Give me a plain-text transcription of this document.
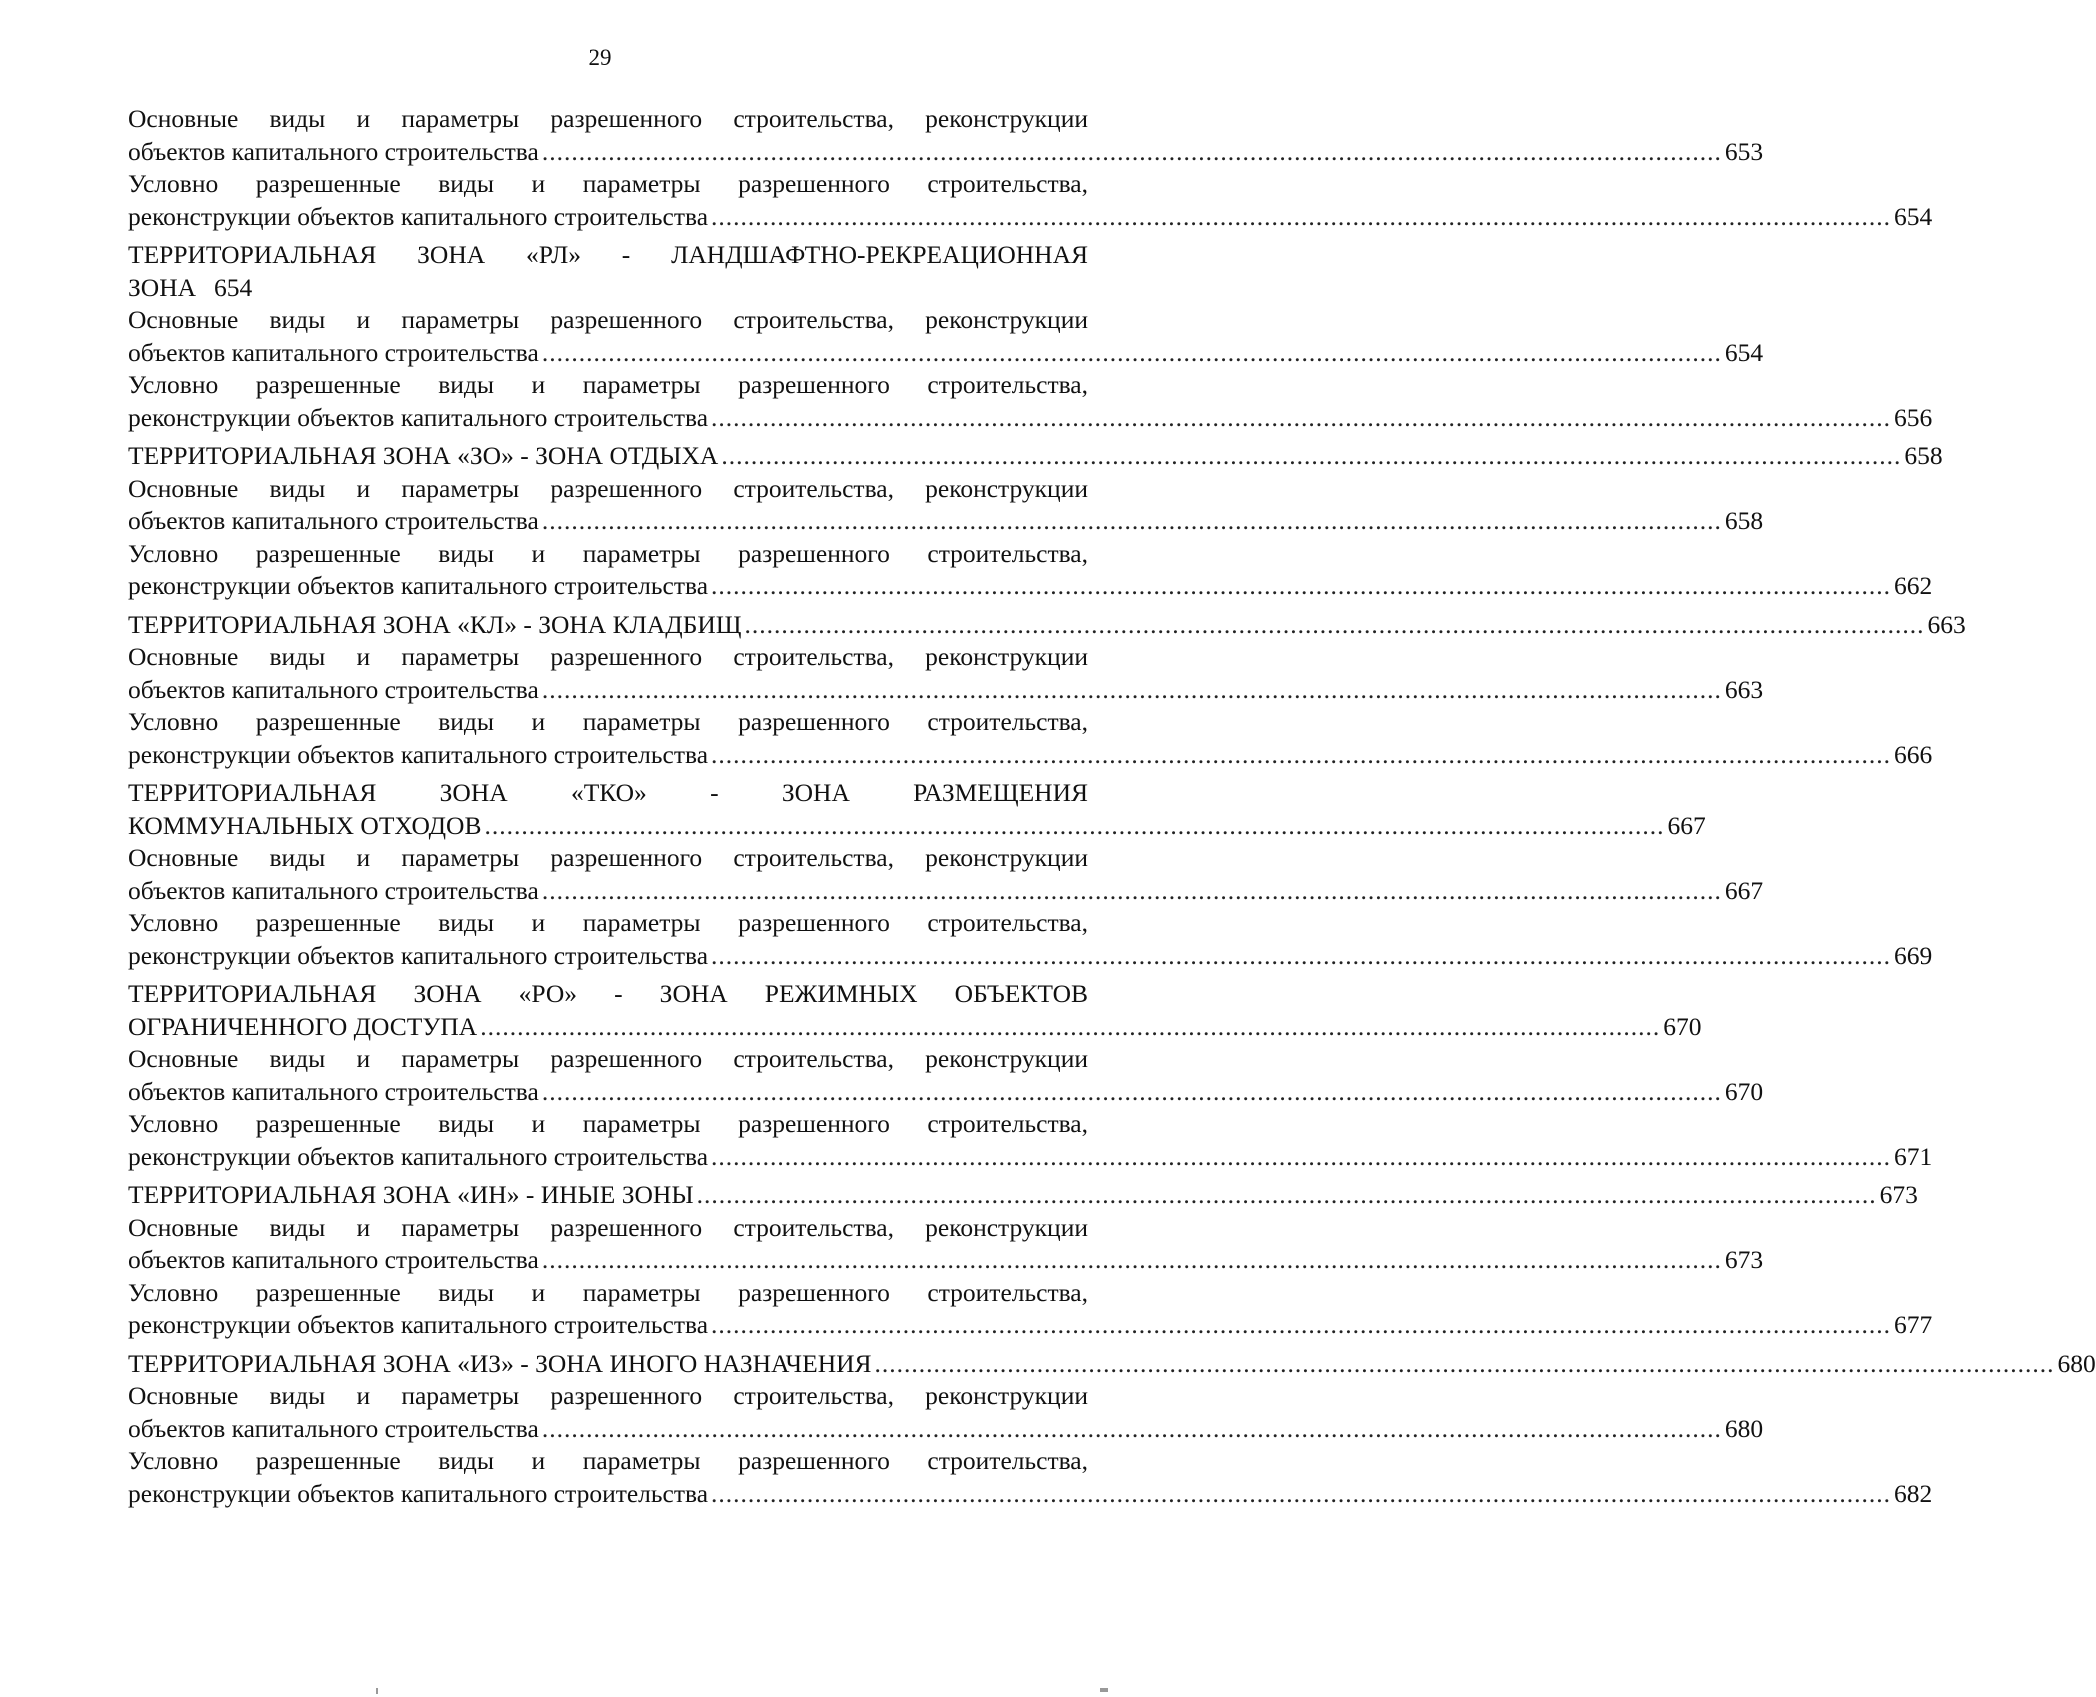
29
Основные виды и параметры разрешенного строительства, реконструкции
объектов капитального строительства ................................................................................................................................................................ 653
Условно разрешенные виды и параметры разрешенного строительства,
реконструкции объектов капитального строительства ................................................................................................................................................................ 654
ТЕРРИТОРИАЛЬНАЯ ЗОНА «РЛ» - ЛАНДШАФТНО-РЕКРЕАЦИОННАЯ
ЗОНА 654
Основные виды и параметры разрешенного строительства, реконструкции
объектов капитального строительства ................................................................................................................................................................ 654
Условно разрешенные виды и параметры разрешенного строительства,
реконструкции объектов капитального строительства ................................................................................................................................................................ 656
ТЕРРИТОРИАЛЬНАЯ ЗОНА «ЗО» - ЗОНА ОТДЫХА ................................................................................................................................................................ 658
Основные виды и параметры разрешенного строительства, реконструкции
объектов капитального строительства ................................................................................................................................................................ 658
Условно разрешенные виды и параметры разрешенного строительства,
реконструкции объектов капитального строительства ................................................................................................................................................................ 662
ТЕРРИТОРИАЛЬНАЯ ЗОНА «КЛ» - ЗОНА КЛАДБИЩ ................................................................................................................................................................ 663
Основные виды и параметры разрешенного строительства, реконструкции
объектов капитального строительства ................................................................................................................................................................ 663
Условно разрешенные виды и параметры разрешенного строительства,
реконструкции объектов капитального строительства ................................................................................................................................................................ 666
ТЕРРИТОРИАЛЬНАЯ ЗОНА «ТКО» - ЗОНА РАЗМЕЩЕНИЯ
КОММУНАЛЬНЫХ ОТХОДОВ ................................................................................................................................................................ 667
Основные виды и параметры разрешенного строительства, реконструкции
объектов капитального строительства ................................................................................................................................................................ 667
Условно разрешенные виды и параметры разрешенного строительства,
реконструкции объектов капитального строительства ................................................................................................................................................................ 669
ТЕРРИТОРИАЛЬНАЯ ЗОНА «РО» - ЗОНА РЕЖИМНЫХ ОБЪЕКТОВ
ОГРАНИЧЕННОГО ДОСТУПА ................................................................................................................................................................ 670
Основные виды и параметры разрешенного строительства, реконструкции
объектов капитального строительства ................................................................................................................................................................ 670
Условно разрешенные виды и параметры разрешенного строительства,
реконструкции объектов капитального строительства ................................................................................................................................................................ 671
ТЕРРИТОРИАЛЬНАЯ ЗОНА «ИН» - ИНЫЕ ЗОНЫ ................................................................................................................................................................ 673
Основные виды и параметры разрешенного строительства, реконструкции
объектов капитального строительства ................................................................................................................................................................ 673
Условно разрешенные виды и параметры разрешенного строительства,
реконструкции объектов капитального строительства ................................................................................................................................................................ 677
ТЕРРИТОРИАЛЬНАЯ ЗОНА «ИЗ» - ЗОНА ИНОГО НАЗНАЧЕНИЯ ................................................................................................................................................................ 680
Основные виды и параметры разрешенного строительства, реконструкции
объектов капитального строительства ................................................................................................................................................................ 680
Условно разрешенные виды и параметры разрешенного строительства,
реконструкции объектов капитального строительства ................................................................................................................................................................ 682
